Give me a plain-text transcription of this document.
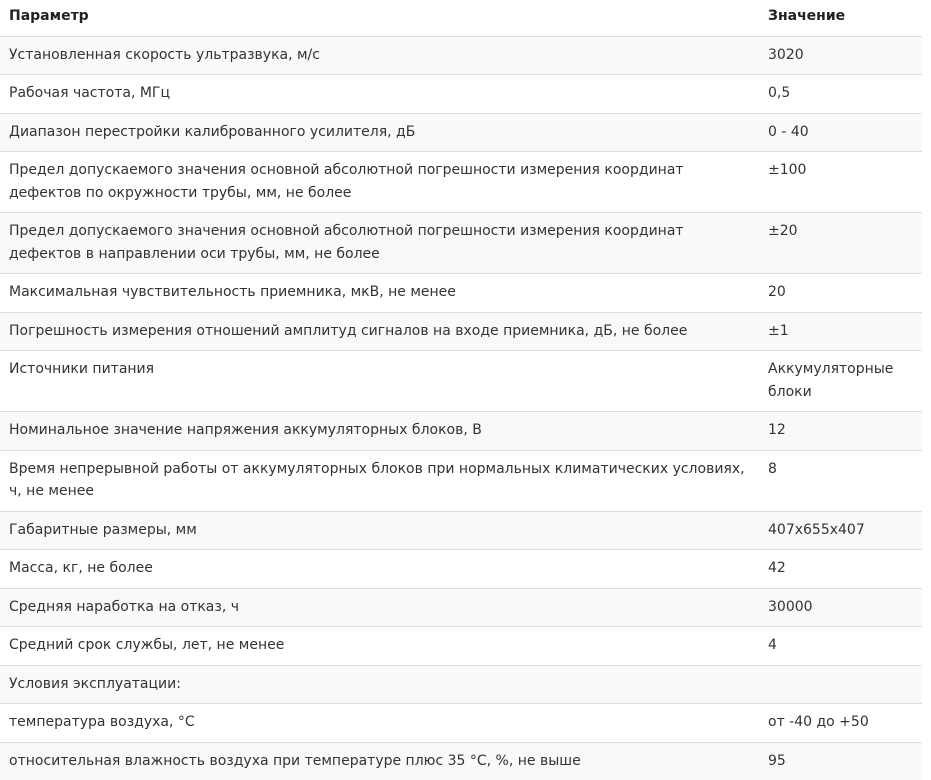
Параметр	Значение
Установленная скорость ультразвука, м/с	3020
Рабочая частота, МГц	0,5
Диапазон перестройки калиброванного усилителя, дБ	0 - 40
Предел допускаемого значения основной абсолютной погрешности измерения координат дефектов по окружности трубы, мм, не более	±100
Предел допускаемого значения основной абсолютной погрешности измерения координат дефектов в направлении оси трубы, мм, не более	±20
Максимальная чувствительность приемника, мкВ, не менее	20
Погрешность измерения отношений амплитуд сигналов на входе приемника, дБ, не более	±1
Источники питания	Аккумуляторные блоки
Номинальное значение напряжения аккумуляторных блоков, В	12
Время непрерывной работы от аккумуляторных блоков при нормальных климатических условиях, ч, не менее	8
Габаритные размеры, мм	407х655х407
Масса, кг, не более	42
Средняя наработка на отказ, ч	30000
Средний срок службы, лет, не менее	4
Условия эксплуатации:	
температура воздуха, °С	от -40 до +50
относительная влажность воздуха при температуре плюс 35 °С, %, не выше	95
